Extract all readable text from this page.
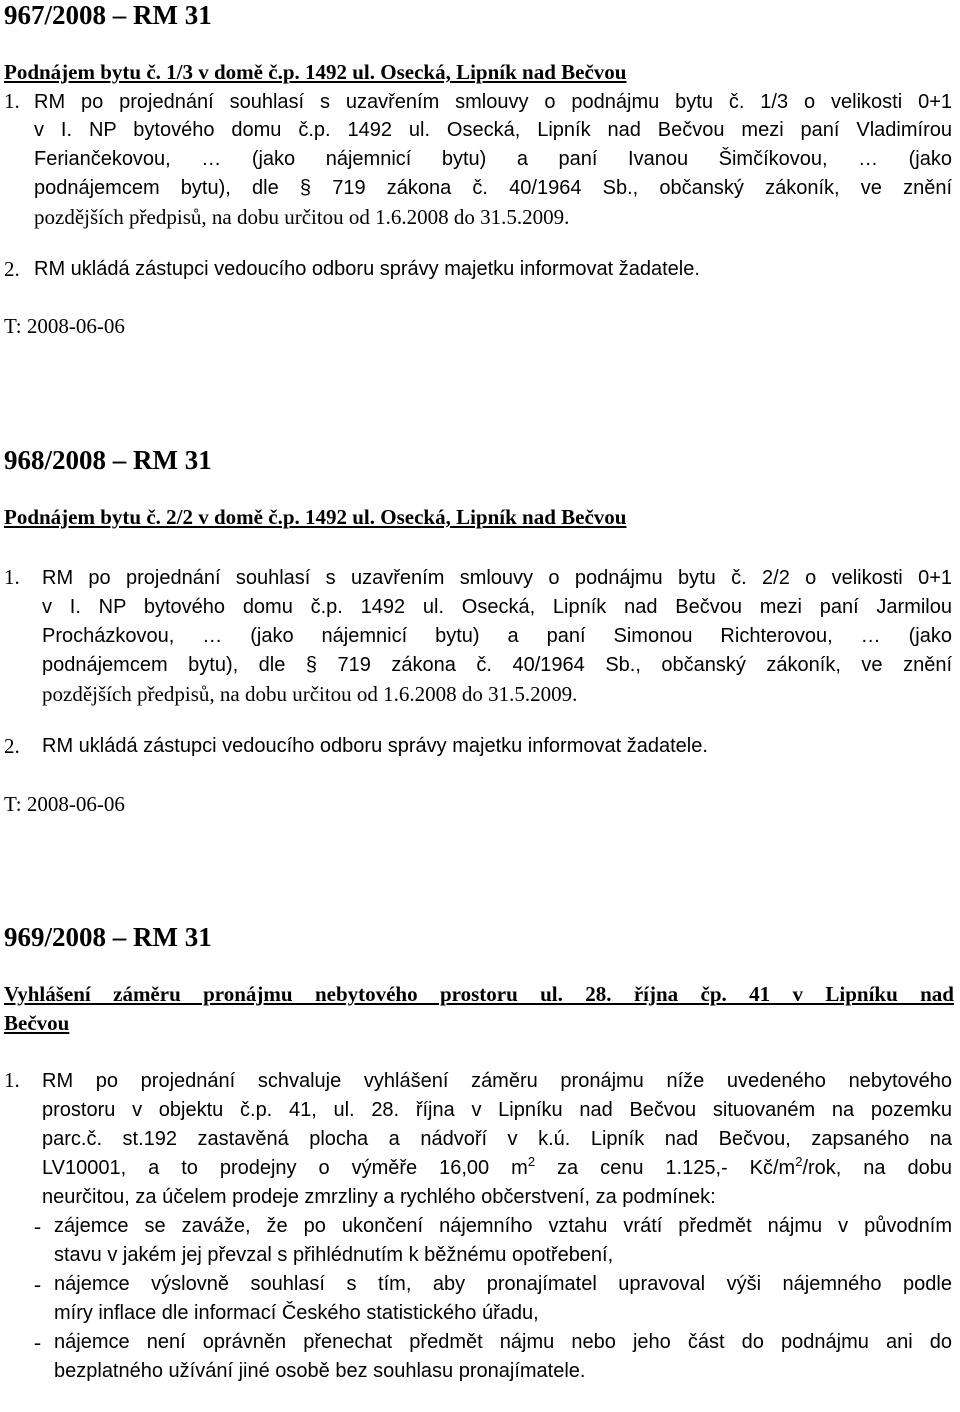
967/2008 – RM 31
Podnájem bytu č. 1/3 v domě č.p. 1492 ul. Osecká, Lipník nad Bečvou
1. RM po projednání souhlasí s uzavřením smlouvy o podnájmu bytu č. 1/3 o velikosti 0+1
v I. NP bytového domu č.p. 1492 ul. Osecká, Lipník nad Bečvou mezi paní Vladimírou
Feriančekovou, … (jako nájemnicí bytu) a paní Ivanou Šimčíkovou, … (jako
podnájemcem bytu), dle § 719 zákona č. 40/1964 Sb., občanský zákoník, ve znění
pozdějších předpisů, na dobu určitou od 1.6.2008 do 31.5.2009.
2. RM ukládá zástupci vedoucího odboru správy majetku informovat žadatele.
T: 2008-06-06
968/2008 – RM 31
Podnájem bytu č. 2/2 v domě č.p. 1492 ul. Osecká, Lipník nad Bečvou
1. RM po projednání souhlasí s uzavřením smlouvy o podnájmu bytu č. 2/2 o velikosti 0+1
v I. NP bytového domu č.p. 1492 ul. Osecká, Lipník nad Bečvou mezi paní Jarmilou
Procházkovou, … (jako nájemnicí bytu) a paní Simonou Richterovou, … (jako
podnájemcem bytu), dle § 719 zákona č. 40/1964 Sb., občanský zákoník, ve znění
pozdějších předpisů, na dobu určitou od 1.6.2008 do 31.5.2009.
2. RM ukládá zástupci vedoucího odboru správy majetku informovat žadatele.
T: 2008-06-06
969/2008 – RM 31
Vyhlášení záměru pronájmu nebytového prostoru ul. 28. října čp. 41 v Lipníku nad
Bečvou
1. RM po projednání schvaluje vyhlášení záměru pronájmu níže uvedeného nebytového
prostoru v objektu č.p. 41, ul. 28. října v Lipníku nad Bečvou situovaném na pozemku
parc.č. st.192 zastavěná plocha a nádvoří v k.ú. Lipník nad Bečvou, zapsaného na
LV10001, a to prodejny o výměře 16,00 $m^2$ za cenu 1.125,- $Kč/m^2$/rok, na dobu
neurčitou, za účelem prodeje zmrzliny a rychlého občerstvení, za podmínek:
- zájemce se zaváže, že po ukončení nájemního vztahu vrátí předmět nájmu v původním
stavu v jakém jej převzal s přihlédnutím k běžnému opotřebení,
- nájemce výslovně souhlasí s tím, aby pronajímatel upravoval výši nájemného podle
míry inflace dle informací Českého statistického úřadu,
- nájemce není oprávněn přenechat předmět nájmu nebo jeho část do podnájmu ani do
bezplatného užívání jiné osobě bez souhlasu pronajímatele.
